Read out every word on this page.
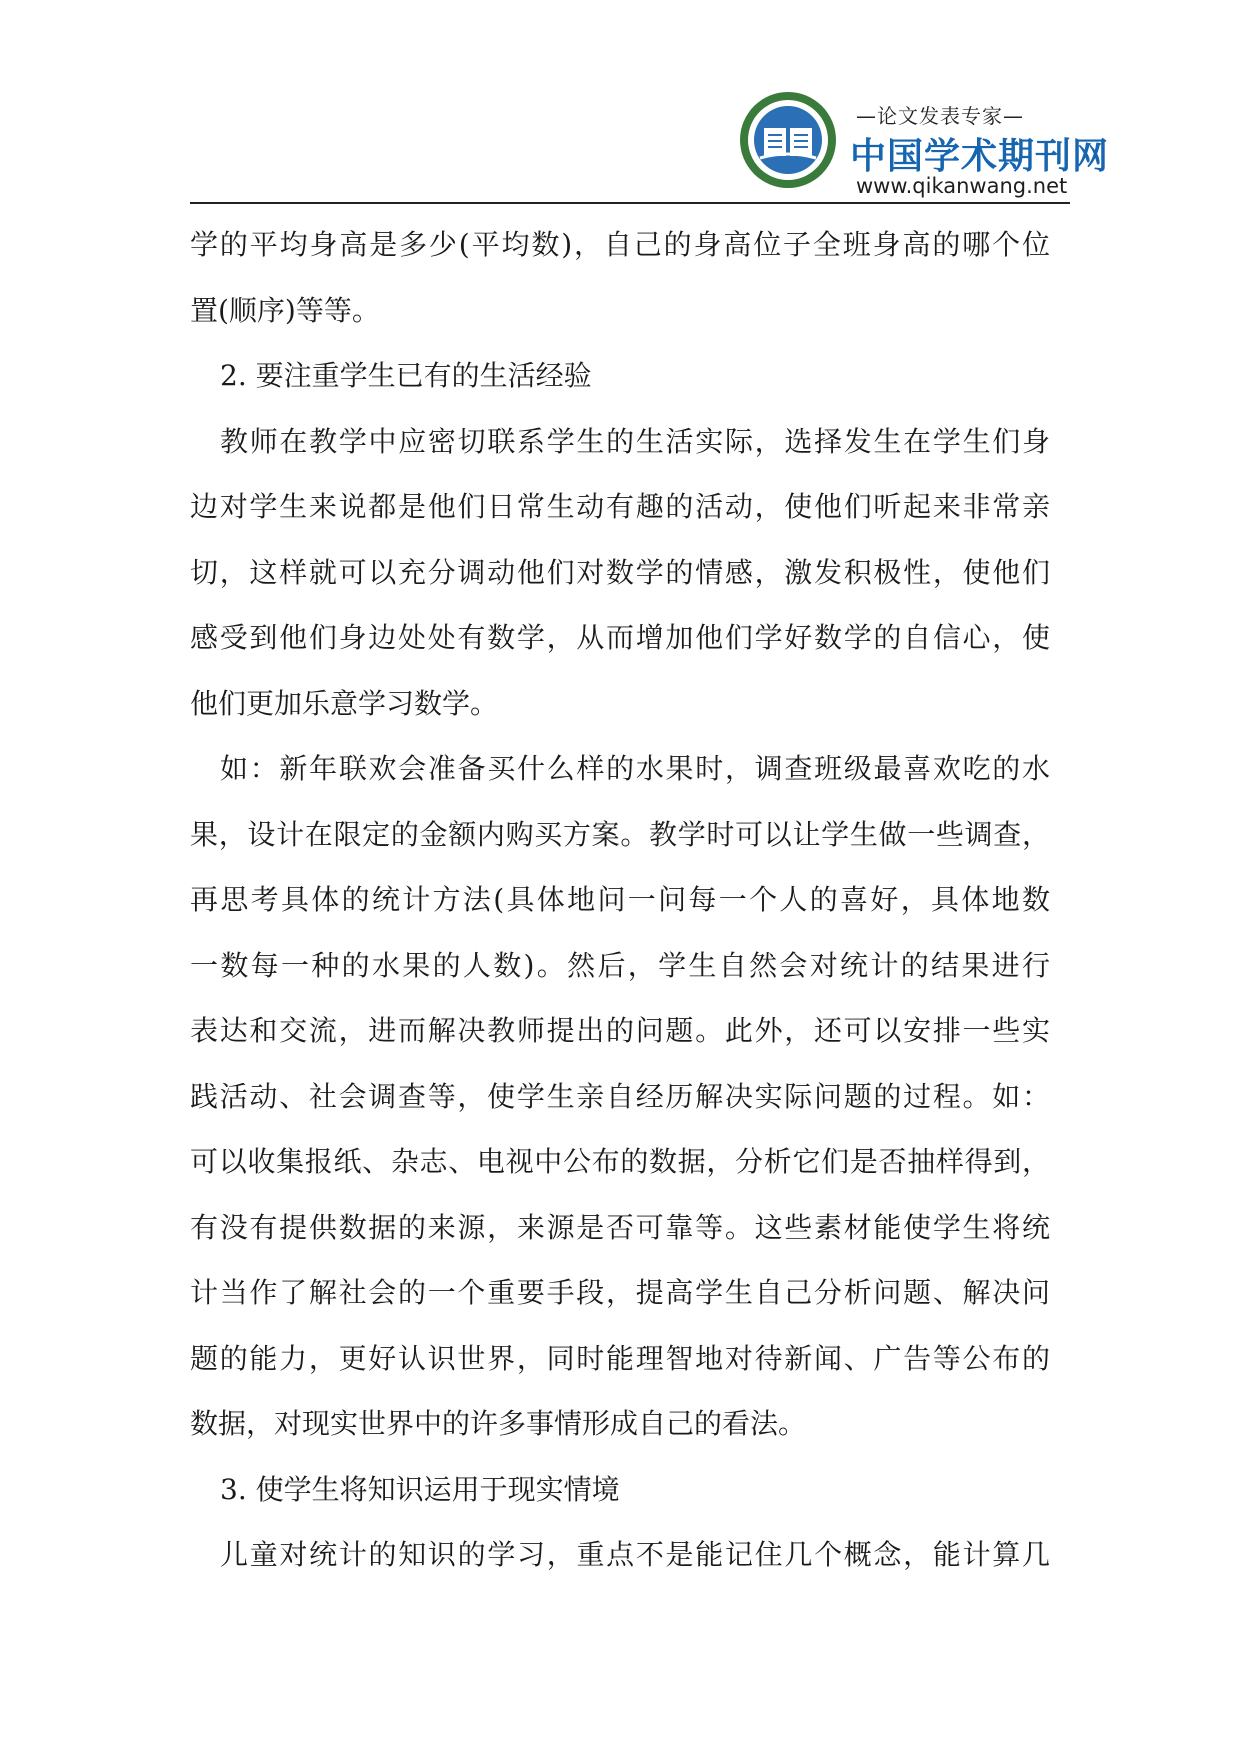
—论文发表专家—
中国学术期刊网
www.qikanwang.net
学的平均身高是多少(平均数)，自己的身高位子全班身高的哪个位
置(顺序)等等。
2. 要注重学生已有的生活经验
教师在教学中应密切联系学生的生活实际，选择发生在学生们身
边对学生来说都是他们日常生动有趣的活动，使他们听起来非常亲
切，这样就可以充分调动他们对数学的情感，激发积极性，使他们
感受到他们身边处处有数学，从而增加他们学好数学的自信心，使
他们更加乐意学习数学。
如：新年联欢会准备买什么样的水果时，调查班级最喜欢吃的水
果，设计在限定的金额内购买方案。教学时可以让学生做一些调查，
再思考具体的统计方法(具体地问一问每一个人的喜好，具体地数
一数每一种的水果的人数)。然后，学生自然会对统计的结果进行
表达和交流，进而解决教师提出的问题。此外，还可以安排一些实
践活动、社会调查等，使学生亲自经历解决实际问题的过程。如：
可以收集报纸、杂志、电视中公布的数据，分析它们是否抽样得到，
有没有提供数据的来源，来源是否可靠等。这些素材能使学生将统
计当作了解社会的一个重要手段，提高学生自己分析问题、解决问
题的能力，更好认识世界，同时能理智地对待新闻、广告等公布的
数据，对现实世界中的许多事情形成自己的看法。
3. 使学生将知识运用于现实情境
儿童对统计的知识的学习，重点不是能记住几个概念，能计算几
